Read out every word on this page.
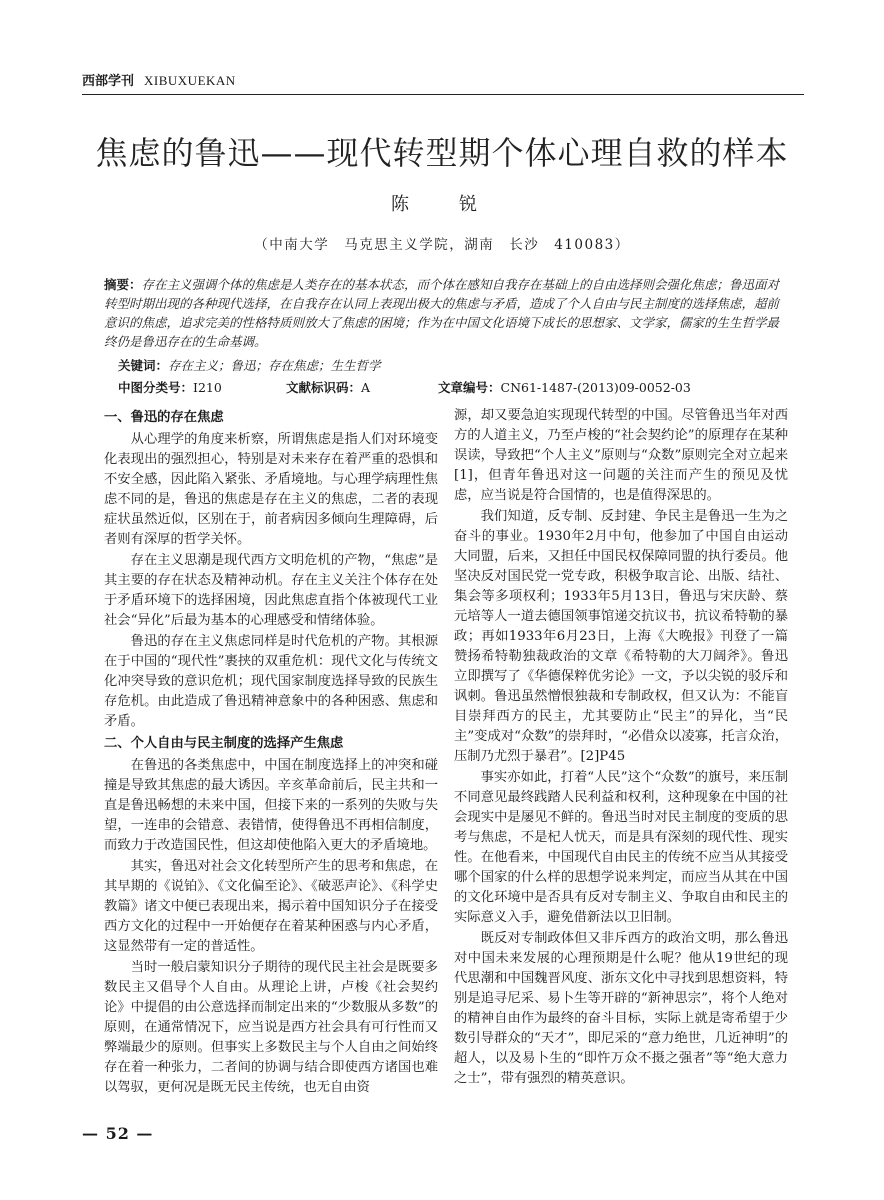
西部学刊 XIBUXUEKAN
焦虑的鲁迅——现代转型期个体心理自救的样本
陈　锐
（中南大学　马克思主义学院，湖南　长沙　410083）
摘要：存在主义强调个体的焦虑是人类存在的基本状态，而个体在感知自我存在基础上的自由选择则会强化焦虑；鲁迅面对转型时期出现的各种现代选择，在自我存在认同上表现出极大的焦虑与矛盾，造成了个人自由与民主制度的选择焦虑，超前意识的焦虑，追求完美的性格特质则放大了焦虑的困境；作为在中国文化语境下成长的思想家、文学家，儒家的生生哲学最终仍是鲁迅存在的生命基调。
关键词：存在主义；鲁迅；存在焦虑；生生哲学
中图分类号：I210	文献标识码：A	文章编号：CN61-1487-(2013)09-0052-03
一、鲁迅的存在焦虑

从心理学的角度来析察，所谓焦虑是指人们对环境变化表现出的强烈担心，特别是对未来存在着严重的恐惧和不安全感，因此陷入紧张、矛盾境地。与心理学病理性焦虑不同的是，鲁迅的焦虑是存在主义的焦虑，二者的表现症状虽然近似，区别在于，前者病因多倾向生理障碍，后者则有深厚的哲学关怀。

存在主义思潮是现代西方文明危机的产物，“焦虑”是其主要的存在状态及精神动机。存在主义关注个体存在处于矛盾环境下的选择困境，因此焦虑直指个体被现代工业社会“异化”后最为基本的心理感受和情绪体验。

鲁迅的存在主义焦虑同样是时代危机的产物。其根源在于中国的“现代性”裹挟的双重危机：现代文化与传统文化冲突导致的意识危机；现代国家制度选择导致的民族生存危机。由此造成了鲁迅精神意象中的各种困惑、焦虑和矛盾。

二、个人自由与民主制度的选择产生焦虑

在鲁迅的各类焦虑中，中国在制度选择上的冲突和碰撞是导致其焦虑的最大诱因。辛亥革命前后，民主共和一直是鲁迅畅想的未来中国，但接下来的一系列的失败与失望，一连串的会错意、表错情，使得鲁迅不再相信制度，而致力于改造国民性，但这却使他陷入更大的矛盾境地。

其实，鲁迅对社会文化转型所产生的思考和焦虑，在其早期的《说铂》、《文化偏至论》、《破恶声论》、《科学史教篇》诸文中便已表现出来，揭示着中国知识分子在接受西方文化的过程中一开始便存在着某种困惑与内心矛盾，这显然带有一定的普适性。

当时一般启蒙知识分子期待的现代民主社会是既要多数民主又倡导个人自由。从理论上讲，卢梭《社会契约论》中提倡的由公意选择而制定出来的“少数服从多数”的原则，在通常情况下，应当说是西方社会具有可行性而又弊端最少的原则。但事实上多数民主与个人自由之间始终存在着一种张力，二者间的协调与结合即使西方诸国也难以驾驭，更何况是既无民主传统，也无自由资

源，却又要急迫实现现代转型的中国。尽管鲁迅当年对西方的人道主义，乃至卢梭的“社会契约论”的原理存在某种误读，导致把“个人主义”原则与“众数”原则完全对立起来[1]，但青年鲁迅对这一问题的关注而产生的预见及忧虑，应当说是符合国情的，也是值得深思的。

我们知道，反专制、反封建、争民主是鲁迅一生为之奋斗的事业。1930年2月中旬，他参加了中国自由运动大同盟，后来，又担任中国民权保障同盟的执行委员。他坚决反对国民党一党专政，积极争取言论、出版、结社、集会等多项权利；1933年5月13日，鲁迅与宋庆龄、蔡元培等人一道去德国领事馆递交抗议书，抗议希特勒的暴政；再如1933年6月23日，上海《大晚报》刊登了一篇赞扬希特勒独裁政治的文章《希特勒的大刀阔斧》。鲁迅立即撰写了《华德保粹优劣论》一文，予以尖锐的驳斥和讽刺。鲁迅虽然憎恨独裁和专制政权，但又认为：不能盲目崇拜西方的民主，尤其要防止“民主”的异化，当“民主”变成对“众数”的崇拜时，“必借众以凌寡，托言众治，压制乃尤烈于暴君”。[2]P45

事实亦如此，打着“人民”这个“众数”的旗号，来压制不同意见最终践踏人民利益和权利，这种现象在中国的社会现实中是屡见不鲜的。鲁迅当时对民主制度的变质的思考与焦虑，不是杞人忧天，而是具有深刻的现代性、现实性。在他看来，中国现代自由民主的传统不应当从其接受哪个国家的什么样的思想学说来判定，而应当从其在中国的文化环境中是否具有反对专制主义、争取自由和民主的实际意义入手，避免借新法以卫旧制。

既反对专制政体但又非斥西方的政治文明，那么鲁迅对中国未来发展的心理预期是什么呢？他从19世纪的现代思潮和中国魏晋风度、浙东文化中寻找到思想资料，特别是追寻尼采、易卜生等开辟的“新神思宗”，将个人绝对的精神自由作为最终的奋斗目标，实际上就是寄希望于少数引导群众的“天才”，即尼采的“意力绝世，几近神明”的超人，以及易卜生的“即忤万众不摄之强者”等“绝大意力之士”，带有强烈的精英意识。

— 52 —
